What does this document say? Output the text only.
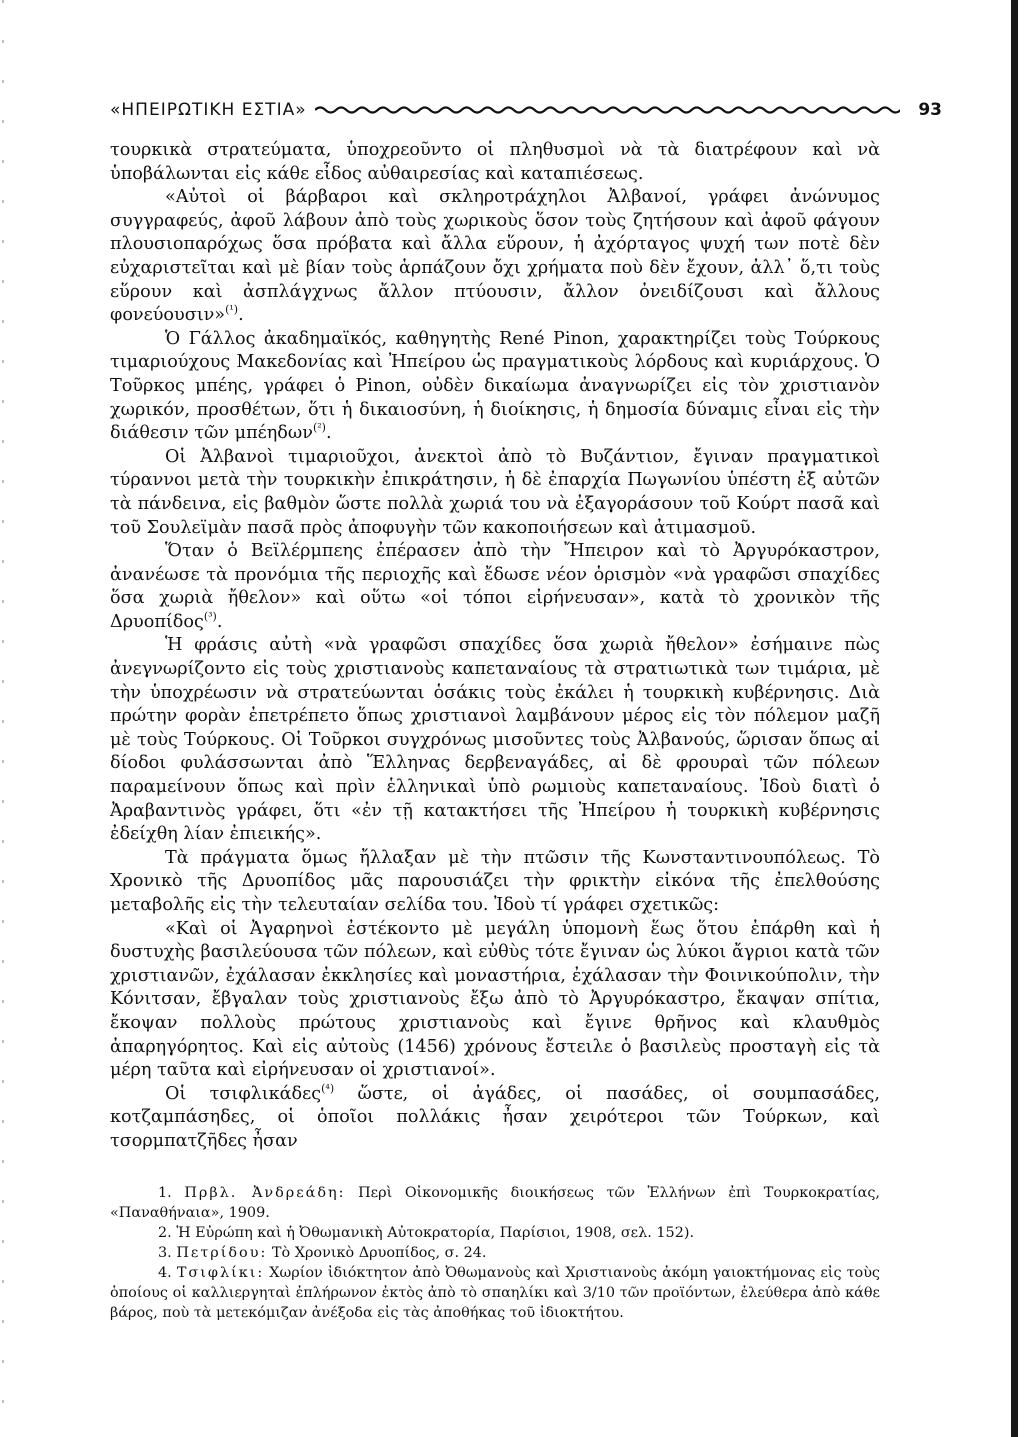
«ΗΠΕΙΡΩΤΙΚΗ ΕΣΤΙΑ»	93

τουρκικὰ στρατεύματα, ὑποχρεοῦντο οἱ πληθυσμοὶ νὰ τὰ διατρέφουν καὶ νὰ ὑποβάλωνται εἰς κάθε εἶδος αὐθαιρεσίας καὶ καταπιέσεως.

«Αὐτοὶ οἱ βάρβαροι καὶ σκληροτράχηλοι Ἀλβανοί, γράφει ἀνώνυμος συγγραφεύς, ἀφοῦ λάβουν ἀπὸ τοὺς χωρικοὺς ὅσον τοὺς ζητήσουν καὶ ἀφοῦ φάγουν πλουσιοπαρόχως ὅσα πρόβατα καὶ ἄλλα εὕρουν, ἡ ἀχόρταγος ψυχή των ποτὲ δὲν εὐχαριστεῖται καὶ μὲ βίαν τοὺς ἁρπάζουν ὄχι χρήματα ποὺ δὲν ἔχουν, ἀλλ᾿ ὅ,τι τοὺς εὕρουν καὶ ἀσπλάγχνως ἄλλον πτύουσιν, ἄλλον ὀνειδίζουσι καὶ ἄλλους φονεύουσιν»$^{(^1)}$.

Ὁ Γάλλος ἀκαδημαϊκός, καθηγητὴς René Pinon, χαρακτηρίζει τοὺς Τούρκους τιμαριούχους Μακεδονίας καὶ Ἠπείρου ὡς πραγματικοὺς λόρδους καὶ κυριάρχους. Ὁ Τοῦρκος μπέης, γράφει ὁ Pinon, οὐδὲν δικαίωμα ἀναγνωρίζει εἰς τὸν χριστιανὸν χωρικόν, προσθέτων, ὅτι ἡ δικαιοσύνη, ἡ διοίκησις, ἡ δημοσία δύναμις εἶναι εἰς τὴν διάθεσιν τῶν μπέηδων$^{(^2)}$.

Οἱ Ἀλβανοὶ τιμαριοῦχοι, ἀνεκτοὶ ἀπὸ τὸ Βυζάντιον, ἔγιναν πραγματικοὶ τύραννοι μετὰ τὴν τουρκικὴν ἐπικράτησιν, ἡ δὲ ἐπαρχία Πωγωνίου ὑπέστη ἐξ αὐτῶν τὰ πάνδεινα, εἰς βαθμὸν ὥστε πολλὰ χωριά του νὰ ἐξαγοράσουν τοῦ Κούρτ πασᾶ καὶ τοῦ Σουλεϊμὰν πασᾶ πρὸς ἀποφυγὴν τῶν κακοποιήσεων καὶ ἀτιμασμοῦ.

Ὅταν ὁ Βεϊλέρμπεης ἐπέρασεν ἀπὸ τὴν Ἤπειρον καὶ τὸ Ἀργυρόκαστρον, ἀνανέωσε τὰ προνόμια τῆς περιοχῆς καὶ ἔδωσε νέον ὁρισμὸν «νὰ γραφῶσι σπαχίδες ὅσα χωριὰ ἤθελον» καὶ οὕτω «οἱ τόποι εἰρήνευσαν», κατὰ τὸ χρονικὸν τῆς Δρυοπίδος$^{(^3)}$.

Ἡ φράσις αὐτὴ «νὰ γραφῶσι σπαχίδες ὅσα χωριὰ ἤθελον» ἐσήμαινε πὼς ἀνεγνωρίζοντο εἰς τοὺς χριστιανοὺς καπεταναίους τὰ στρατιωτικὰ των τιμάρια, μὲ τὴν ὑποχρέωσιν νὰ στρατεύωνται ὁσάκις τοὺς ἐκάλει ἡ τουρκικὴ κυβέρνησις. Διὰ πρώτην φορὰν ἐπετρέπετο ὅπως χριστιανοὶ λαμβάνουν μέρος εἰς τὸν πόλεμον μαζῆ μὲ τοὺς Τούρκους. Οἱ Τοῦρκοι συγχρόνως μισοῦντες τοὺς Ἀλβανούς, ὥρισαν ὅπως αἱ δίοδοι φυλάσσωνται ἀπὸ Ἕλληνας δερβεναγάδες, αἱ δὲ φρουραὶ τῶν πόλεων παραμείνουν ὅπως καὶ πρὶν ἑλληνικαὶ ὑπὸ ρωμιοὺς καπεταναίους. Ἰδοὺ διατὶ ὁ Ἀραβαντινὸς γράφει, ὅτι «ἐν τῇ κατακτήσει τῆς Ἠπείρου ἡ τουρκικὴ κυβέρνησις ἐδείχθη λίαν ἐπιεικής».

Τὰ πράγματα ὅμως ἤλλαξαν μὲ τὴν πτῶσιν τῆς Κωνσταντινουπόλεως. Τὸ Χρονικὸ τῆς Δρυοπίδος μᾶς παρουσιάζει τὴν φρικτὴν εἰκόνα τῆς ἐπελθούσης μεταβολῆς εἰς τὴν τελευταίαν σελίδα του. Ἰδοὺ τί γράφει σχετικῶς:

«Καὶ οἱ Ἀγαρηνοὶ ἐστέκοντο μὲ μεγάλη ὑπομονὴ ἕως ὅτου ἐπάρθη καὶ ἡ δυστυχὴς βασιλεύουσα τῶν πόλεων, καὶ εὐθὺς τότε ἔγιναν ὡς λύκοι ἄγριοι κατὰ τῶν χριστιανῶν, ἐχάλασαν ἐκκλησίες καὶ μοναστήρια, ἐχάλασαν τὴν Φοινικούπολιν, τὴν Κόνιτσαν, ἔβγαλαν τοὺς χριστιανοὺς ἔξω ἀπὸ τὸ Ἀργυρόκαστρο, ἔκαψαν σπίτια, ἔκοψαν πολλοὺς πρώτους χριστιανοὺς καὶ ἔγινε θρῆνος καὶ κλαυθμὸς ἀπαρηγόρητος. Καὶ εἰς αὐτοὺς (1456) χρόνους ἔστειλε ὁ βασιλεὺς προσταγὴ εἰς τὰ μέρη ταῦτα καὶ εἰρήνευσαν οἱ χριστιανοί».

Οἱ τσιφλικάδες$^{(^4)}$ ὥστε, οἱ ἀγάδες, οἱ πασάδες, οἱ σουμπασάδες, κοτζαμπάσηδες, οἱ ὁποῖοι πολλάκις ἦσαν χειρότεροι τῶν Τούρκων, καὶ τσορμπατζῆδες ἦσαν

1. Πρβλ. Ἀνδρεάδη: Περὶ Οἰκονομικῆς διοικήσεως τῶν Ἑλλήνων ἐπὶ Τουρκοκρατίας, «Παναθήναια», 1909.

2. Ἡ Εὐρώπη καὶ ἡ Ὀθωμανικὴ Αὐτοκρατορία, Παρίσιοι, 1908, σελ. 152).

3. Πετρίδου: Τὸ Χρονικὸ Δρυοπίδος, σ. 24.

4. Τσιφλίκι: Χωρίον ἰδιόκτητον ἀπὸ Ὀθωμανοὺς καὶ Χριστιανοὺς ἀκόμη γαιοκτήμονας εἰς τοὺς ὁποίους οἱ καλλιεργηταὶ ἐπλήρωνον ἐκτὸς ἀπὸ τὸ σπαηλίκι καὶ 3/10 τῶν προϊόντων, ἐλεύθερα ἀπὸ κάθε βάρος, ποὺ τὰ μετεκόμιζαν ἀνέξοδα εἰς τὰς ἀποθήκας τοῦ ἰδιοκτήτου.
